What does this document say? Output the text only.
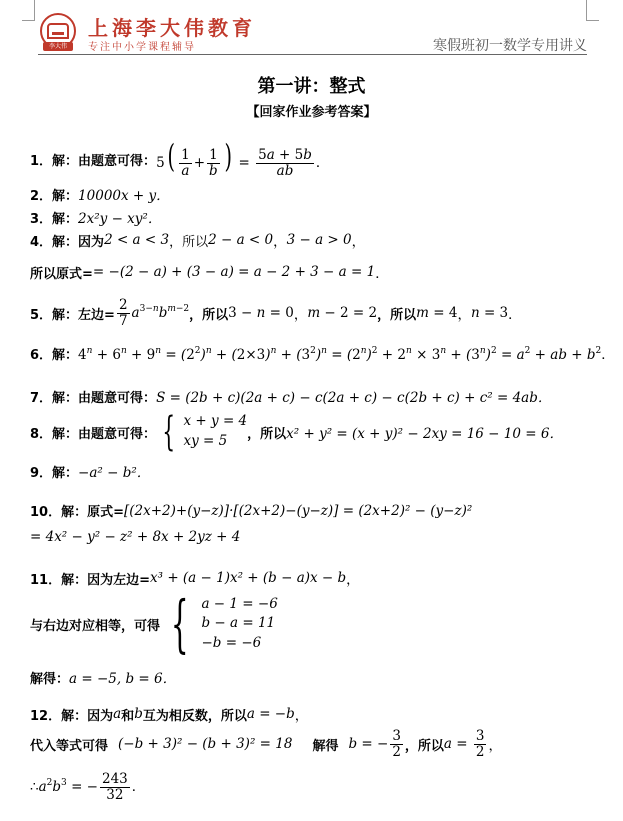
李大伟
上海李大伟教育
专注中小学课程辅导	寒假班初一数学专用讲义
第一讲：整式
【回家作业参考答案】
1．解： 由题意可得： $5( \frac{1}{a} + \frac{1}{b}$ ) = $\frac{5a + 5b}{ab}$ ．
2．解： 10000x + y．
3．解： 2x²y − xy²．
4．解： 因为 2 < a < 3 ，所以 2 − a < 0 ， 3 − a > 0 ，
所以原式= = −(2 − a) + (3 − a) = a − 2 + 3 − a = 1 ．
5．解： 左边= $\frac{2}{7} a^{3-n}b^{m-2}$ ，所以 3 − n = 0 ， m − 2 = 2 ，所以 m = 4 ， n = 3 ．
6．解： $4^n + 6^n + 9^n = (2^2)^n + (2\times 3)^n + (3^2)^n = (2^n)^2 + 2^n \times 3^n + (3^n)^2 = a^2$ + ab + $b^2$．
7．解： 由题意可得： S = (2b + c)(2a + c) − c(2a + c) − c(2b + c) + c² = 4ab．
8．解： 由题意可得： { x + y = 4
xy = 5	，所以 x² + y² = (x + y)² − 2xy = 16 − 10 = 6．
9．解： −a² − b²．
10．解： 原式= [(2x+2)+(y−z)]·[(2x+2)−(y−z)] = (2x+2)² − (y−z)²
= 4x² − y² − z² + 8x + 2yz + 4
11．解： 因为左边= x³ + (a − 1)x² + (b − a)x − b ，
与右边对应相等，可得 { a − 1 = −6
b − a = 11
−b = −6
解得： a = −5, b = 6．
12．解： 因为 a 和 b 互为相反数，所以 a = −b ，
代入等式可得 (−b + 3)² − (b + 3)² = 18 解得 b = − $\frac{3}{2}$ ，所以 $a = \frac{3}{2}$ ，
∴ $a^2b^3$ = − $\frac{243}{32}$ ．
